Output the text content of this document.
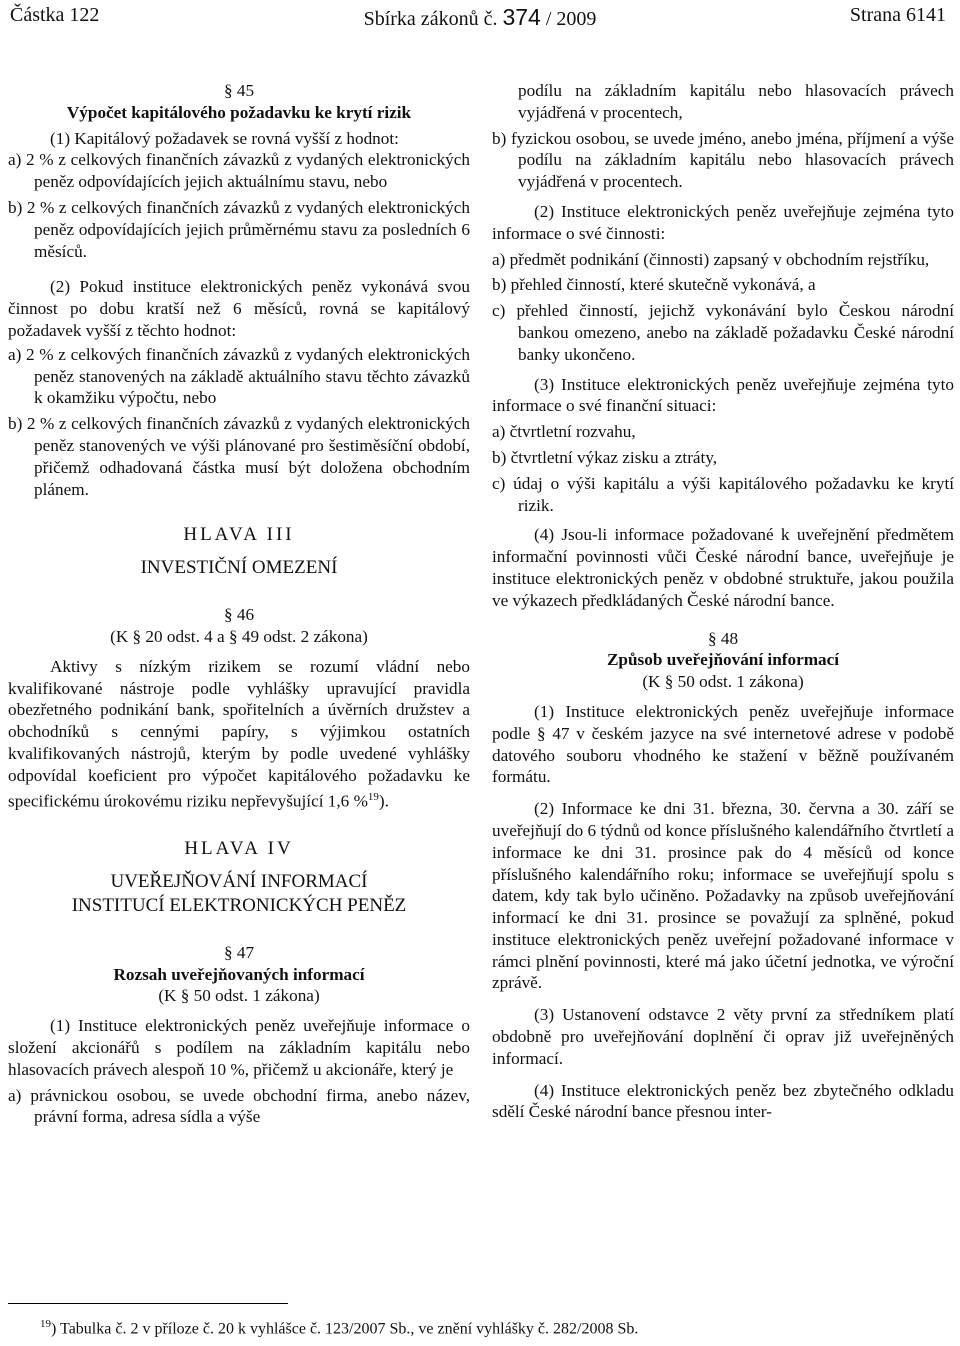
Částka 122	Sbírka zákonů č. 374 / 2009	Strana 6141

§ 45

Výpočet kapitálového požadavku ke krytí rizik

(1) Kapitálový požadavek se rovná vyšší z hodnot:

a) 2 % z celkových finančních závazků z vydaných elektronických peněz odpovídajících jejich aktuálnímu stavu, nebo

b) 2 % z celkových finančních závazků z vydaných elektronických peněz odpovídajících jejich průměrnému stavu za posledních 6 měsíců.

(2) Pokud instituce elektronických peněz vykonává svou činnost po dobu kratší než 6 měsíců, rovná se kapitálový požadavek vyšší z těchto hodnot:

a) 2 % z celkových finančních závazků z vydaných elektronických peněz stanovených na základě aktuálního stavu těchto závazků k okamžiku výpočtu, nebo

b) 2 % z celkových finančních závazků z vydaných elektronických peněz stanovených ve výši plánované pro šestiměsíční období, přičemž odhadovaná částka musí být doložena obchodním plánem.

HLAVA III

INVESTIČNÍ OMEZENÍ

§ 46

(K § 20 odst. 4 a § 49 odst. 2 zákona)

Aktivy s nízkým rizikem se rozumí vládní nebo kvalifikované nástroje podle vyhlášky upravující pravidla obezřetného podnikání bank, spořitelních a úvěrních družstev a obchodníků s cennými papíry, s výjimkou ostatních kvalifikovaných nástrojů, kterým by podle uvedené vyhlášky odpovídal koeficient pro výpočet kapitálového požadavku ke specifickému úrokovému riziku nepřevyšující 1,6 %$^{19}$).

HLAVA IV

UVEŘEJŇOVÁNÍ INFORMACÍ
INSTITUCÍ ELEKTRONICKÝCH PENĚZ

§ 47

Rozsah uveřejňovaných informací

(K § 50 odst. 1 zákona)

(1) Instituce elektronických peněz uveřejňuje informace o složení akcionářů s podílem na základním kapitálu nebo hlasovacích právech alespoň 10 %, přičemž u akcionáře, který je

a) právnickou osobou, se uvede obchodní firma, anebo název, právní forma, adresa sídla a výše

podílu na základním kapitálu nebo hlasovacích právech vyjádřená v procentech,

b) fyzickou osobou, se uvede jméno, anebo jména, příjmení a výše podílu na základním kapitálu nebo hlasovacích právech vyjádřená v procentech.

(2) Instituce elektronických peněz uveřejňuje zejména tyto informace o své činnosti:

a) předmět podnikání (činnosti) zapsaný v obchodním rejstříku,

b) přehled činností, které skutečně vykonává, a

c) přehled činností, jejichž vykonávání bylo Českou národní bankou omezeno, anebo na základě požadavku České národní banky ukončeno.

(3) Instituce elektronických peněz uveřejňuje zejména tyto informace o své finanční situaci:

a) čtvrtletní rozvahu,

b) čtvrtletní výkaz zisku a ztráty,

c) údaj o výši kapitálu a výši kapitálového požadavku ke krytí rizik.

(4) Jsou-li informace požadované k uveřejnění předmětem informační povinnosti vůči České národní bance, uveřejňuje je instituce elektronických peněz v obdobné struktuře, jakou použila ve výkazech předkládaných České národní bance.

§ 48

Způsob uveřejňování informací

(K § 50 odst. 1 zákona)

(1) Instituce elektronických peněz uveřejňuje informace podle § 47 v českém jazyce na své internetové adrese v podobě datového souboru vhodného ke stažení v běžně používaném formátu.

(2) Informace ke dni 31. března, 30. června a 30. září se uveřejňují do 6 týdnů od konce příslušného kalendářního čtvrtletí a informace ke dni 31. prosince pak do 4 měsíců od konce příslušného kalendářního roku; informace se uveřejňují spolu s datem, kdy tak bylo učiněno. Požadavky na způsob uveřejňování informací ke dni 31. prosince se považují za splněné, pokud instituce elektronických peněz uveřejní požadované informace v rámci plnění povinnosti, které má jako účetní jednotka, ve výroční zprávě.

(3) Ustanovení odstavce 2 věty první za středníkem platí obdobně pro uveřejňování doplnění či oprav již uveřejněných informací.

(4) Instituce elektronických peněz bez zbytečného odkladu sdělí České národní bance přesnou inter-

$^{19}$) Tabulka č. 2 v příloze č. 20 k vyhlášce č. 123/2007 Sb., ve znění vyhlášky č. 282/2008 Sb.
